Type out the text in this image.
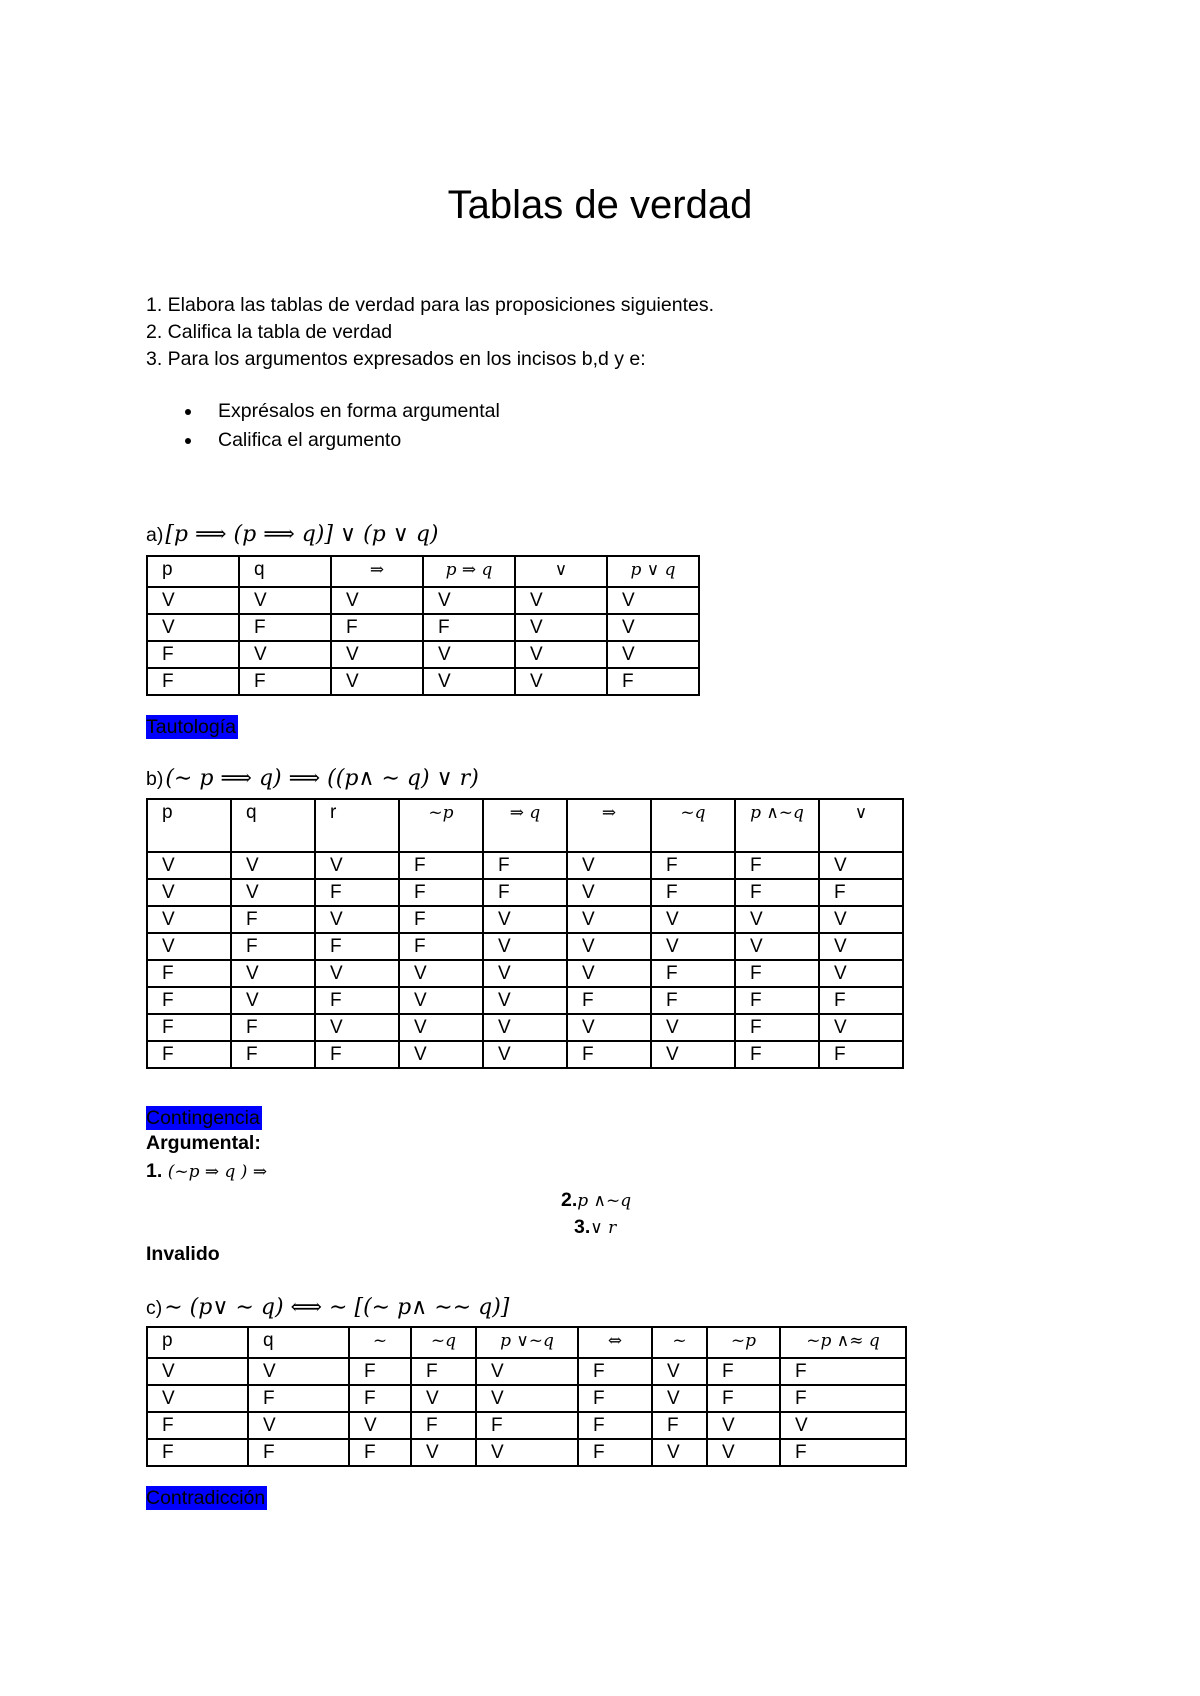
Tablas de verdad
1. Elabora las tablas de verdad para las proposiciones siguientes.
2. Califica la tabla de verdad
3. Para los argumentos expresados en los incisos b,d y e:
Exprésalos en forma argumental
Califica el argumento
a)[p ⟹ (p ⟹ q)] ∨ (p ∨ q)
p	q	⇒	p ⇒ q	∨	p ∨ q
V	V	V	V	V	V
V	F	F	F	V	V
F	V	V	V	V	V
F	F	V	V	V	F
Tautología
b)(∼ p ⟹ q) ⟹ ((p∧ ∼ q) ∨ r)
p	q	r	~p	⇒ q	⇒	~q	p ∧~q	∨
V	V	V	F	F	V	F	F	V
V	V	F	F	F	V	F	F	F
V	F	V	F	V	V	V	V	V
V	F	F	F	V	V	V	V	V
F	V	V	V	V	V	F	F	V
F	V	F	V	V	F	F	F	F
F	F	V	V	V	V	V	F	V
F	F	F	V	V	F	V	F	F
Contingencia
Argumental:
1. (~p ⇒ q ) ⇒
2.p ∧~q
3.∨ r
Invalido
c)∼ (p∨ ∼ q) ⟺ ∼ [(∼ p∧ ∼∼ q)]
p	q	~	~q	p ∨~q	⇔	~	~p	~p ∧≈ q
V	V	F	F	V	F	V	F	F
V	F	F	V	V	F	V	F	F
F	V	V	F	F	F	F	V	V
F	F	F	V	V	F	V	V	F
Contradicción
